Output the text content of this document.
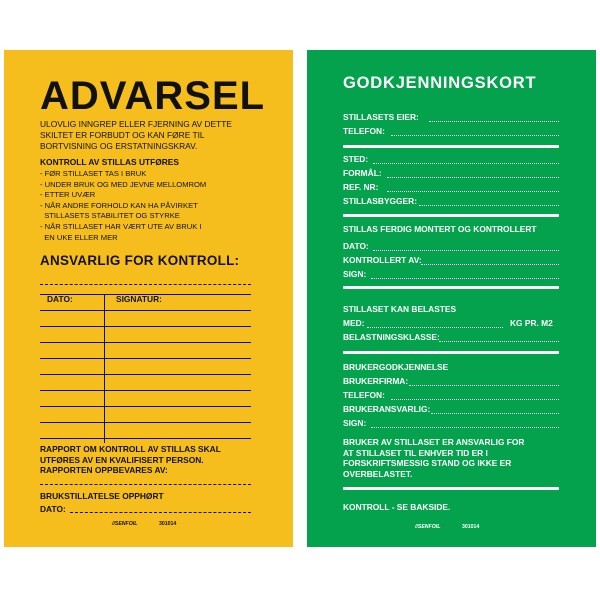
ADVARSEL
ULOVLIG INNGREP ELLER FJERNING AV DETTE
SKILTET ER FORBUDT OG KAN FØRE TIL
BORTVISNING OG ERSTATNINGSKRAV.
KONTROLL AV STILLAS UTFØRES
- FØR STILLASET TAS I BRUK
- UNDER BRUK OG MED JEVNE MELLOMROM
- ETTER UVÆR
- NÅR ANDRE FORHOLD KAN HA PÅVIRKET
STILLASETS STABILITET OG STYRKE
- NÅR STILLASET HAR VÆRT UTE AV BRUK I
EN UKE ELLER MER
ANSVARLIG FOR KONTROLL:
DATO:	SIGNATUR:
RAPPORT OM KONTROLL AV STILLAS SKAL
UTFØRES AV EN KVALIFISERT PERSON.
RAPPORTEN OPPBEVARES AV:
BRUKSTILLATELSE OPPHØRT
DATO:
//SENFOIL	301014
GODKJENNINGSKORT
STILLASETS EIER:
TELEFON:
STED:
FORMÅL:
REF. NR:
STILLASBYGGER:
STILLAS FERDIG MONTERT OG KONTROLLERT
DATO:
KONTROLLERT AV:
SIGN:
STILLASET KAN BELASTES
MED:	KG PR. M2
BELASTNINGSKLASSE:
BRUKERGODKJENNELSE
BRUKERFIRMA:
TELEFON:
BRUKERANSVARLIG:
SIGN:
BRUKER AV STILLASET ER ANSVARLIG FOR
AT STILLASET TIL ENHVER TID ER I
FORSKRIFTSMESSIG STAND OG IKKE ER
OVERBELASTET.
KONTROLL - SE BAKSIDE.
//SENFOIL	301014
